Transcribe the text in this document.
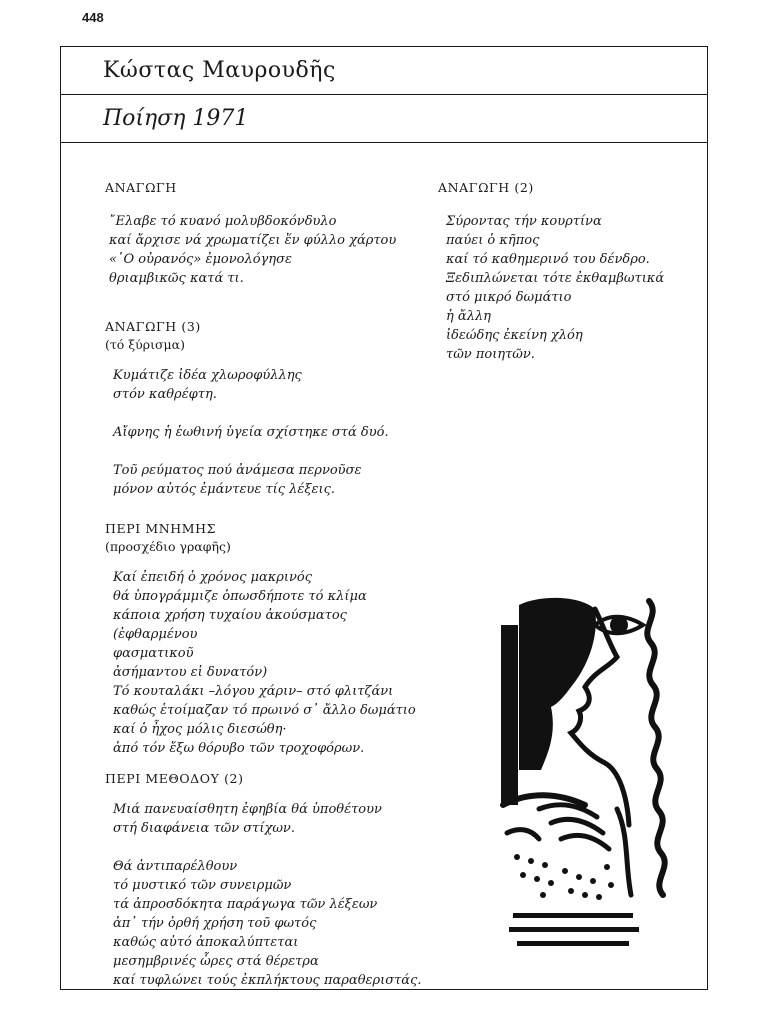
448
Κώστας Μαυρουδῆς
Ποίηση 1971
ΑΝΑΓΩΓΗ
῎Ελαβε τό κυανό μολυβδοκόνδυλο
καί ἄρχισε νά χρωματίζει ἕν φύλλο χάρτου
«῾Ο οὐρανός» ἐμονολόγησε
θριαμβικῶς κατά τι.
ΑΝΑΓΩΓΗ (3)
(τό ξύρισμα)
Κυμάτιζε ἰδέα χλωροφύλλης
στόν καθρέφτη.
Αἴφνης ἡ ἑωθινή ὑγεία σχίστηκε στά δυό.
Τοῦ ρεύματος πού ἀνάμεσα περνοῦσε
μόνον αὐτός ἐμάντευε τίς λέξεις.
ΠΕΡΙ ΜΝΗΜΗΣ
(προσχέδιο γραφῆς)
Καί ἐπειδή ὁ χρόνος μακρινός
θά ὑπογράμμιζε ὁπωσδήποτε τό κλίμα
κάποια χρήση τυχαίου ἀκούσματος
(ἐφθαρμένου
φασματικοῦ
ἀσήμαντου εἰ δυνατόν)
Τό κουταλάκι –λόγου χάριν– στό φλιτζάνι
καθώς ἑτοίμαζαν τό πρωινό σ᾿ ἄλλο δωμάτιο
καί ὁ ἦχος μόλις διεσώθη·
ἀπό τόν ἔξω θόρυβο τῶν τροχοφόρων.
ΠΕΡΙ ΜΕΘΟΔΟΥ (2)
Μιά πανευαίσθητη ἐφηβία θά ὑποθέτουν
στή διαφάνεια τῶν στίχων.
Θά ἀντιπαρέλθουν
τό μυστικό τῶν συνειρμῶν
τά ἀπροσδόκητα παράγωγα τῶν λέξεων
ἀπ᾿ τήν ὀρθή χρήση τοῦ φωτός
καθώς αὐτό ἀποκαλύπτεται
μεσημβρινές ὧρες στά θέρετρα
καί τυφλώνει τούς ἐκπλήκτους παραθεριστάς.
ΑΝΑΓΩΓΗ (2)
Σύροντας τήν κουρτίνα
παύει ὁ κῆπος
καί τό καθημερινό του δένδρο.
Ξεδιπλώνεται τότε ἐκθαμβωτικά
στό μικρό δωμάτιο
ἡ ἄλλη
ἰδεώδης ἐκείνη χλόη
τῶν ποιητῶν.
